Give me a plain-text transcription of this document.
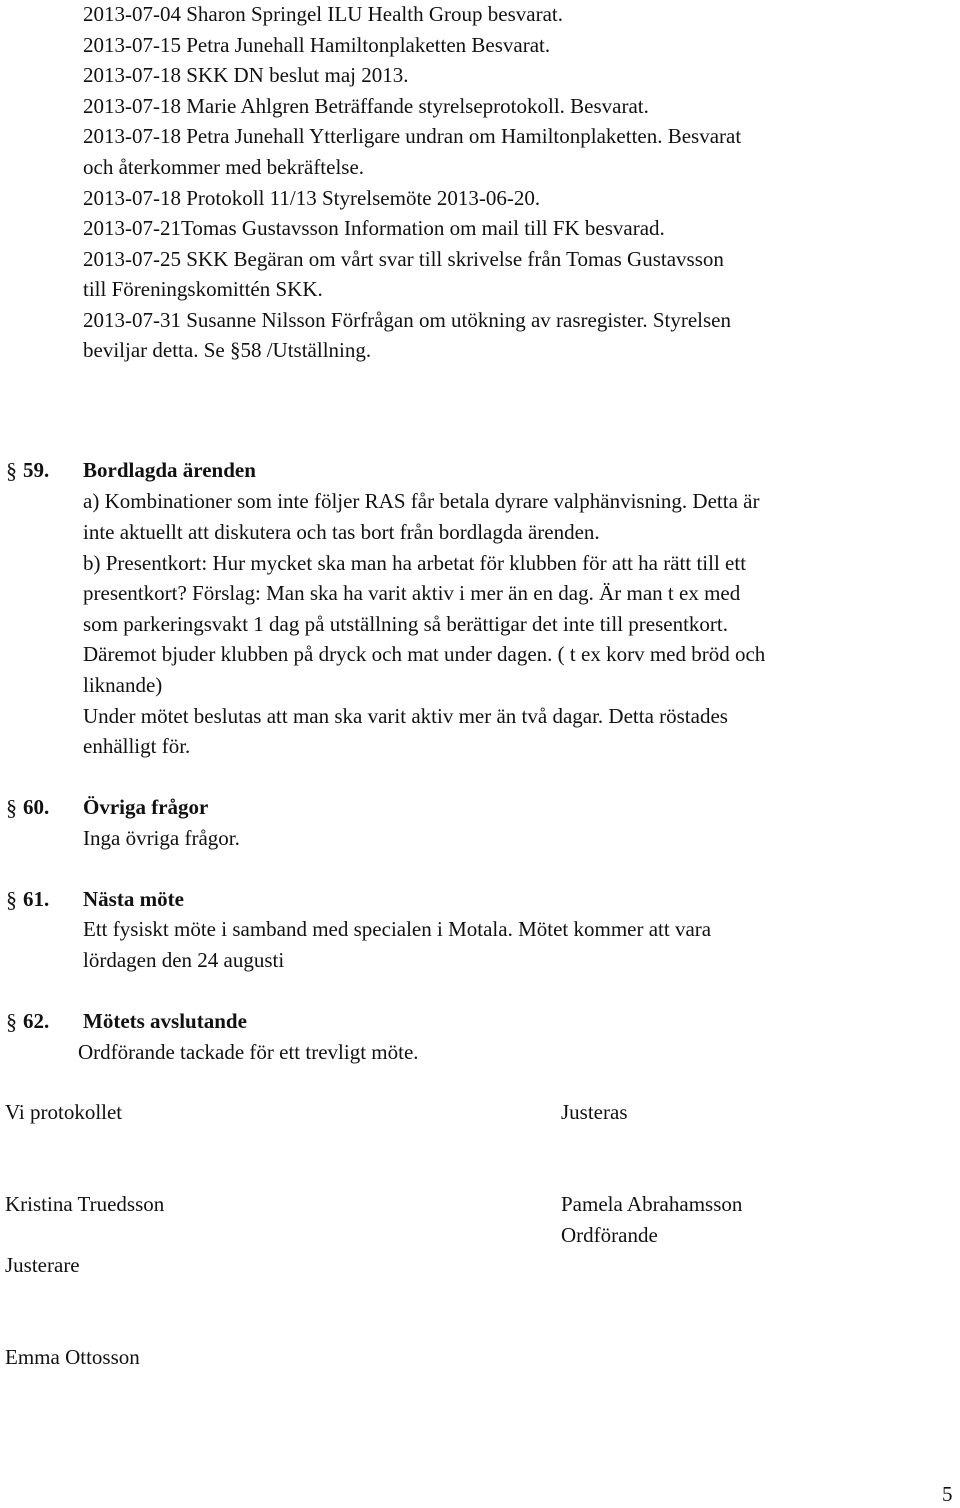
2013-07-04 Sharon Springel ILU Health Group besvarat.
2013-07-15 Petra Junehall Hamiltonplaketten Besvarat.
2013-07-18 SKK DN beslut maj 2013.
2013-07-18 Marie Ahlgren Beträffande styrelseprotokoll. Besvarat.
2013-07-18 Petra Junehall Ytterligare undran om Hamiltonplaketten. Besvarat
och återkommer med bekräftelse.
2013-07-18 Protokoll 11/13 Styrelsemöte 2013-06-20.
2013-07-21Tomas Gustavsson Information om mail till FK besvarad.
2013-07-25 SKK Begäran om vårt svar till skrivelse från Tomas Gustavsson
till Föreningskomittén SKK.
2013-07-31 Susanne Nilsson Förfrågan om utökning av rasregister. Styrelsen
beviljar detta. Se §58 /Utställning.
§ 59. Bordlagda ärenden
a) Kombinationer som inte följer RAS får betala dyrare valphänvisning. Detta är
inte aktuellt att diskutera och tas bort från bordlagda ärenden.
b) Presentkort: Hur mycket ska man ha arbetat för klubben för att ha rätt till ett
presentkort? Förslag: Man ska ha varit aktiv i mer än en dag. Är man t ex med
som parkeringsvakt 1 dag på utställning så berättigar det inte till presentkort.
Däremot bjuder klubben på dryck och mat under dagen. ( t ex korv med bröd och
liknande)
Under mötet beslutas att man ska varit aktiv mer än två dagar. Detta röstades
enhälligt för.
§ 60. Övriga frågor
Inga övriga frågor.
§ 61. Nästa möte
Ett fysiskt möte i samband med specialen i Motala. Mötet kommer att vara
lördagen den 24 augusti
§ 62. Mötets avslutande
Ordförande tackade för ett trevligt möte.
Vi protokollet	Justeras
Kristina Truedsson	Pamela Abrahamsson
Ordförande
Justerare
Emma Ottosson
5
